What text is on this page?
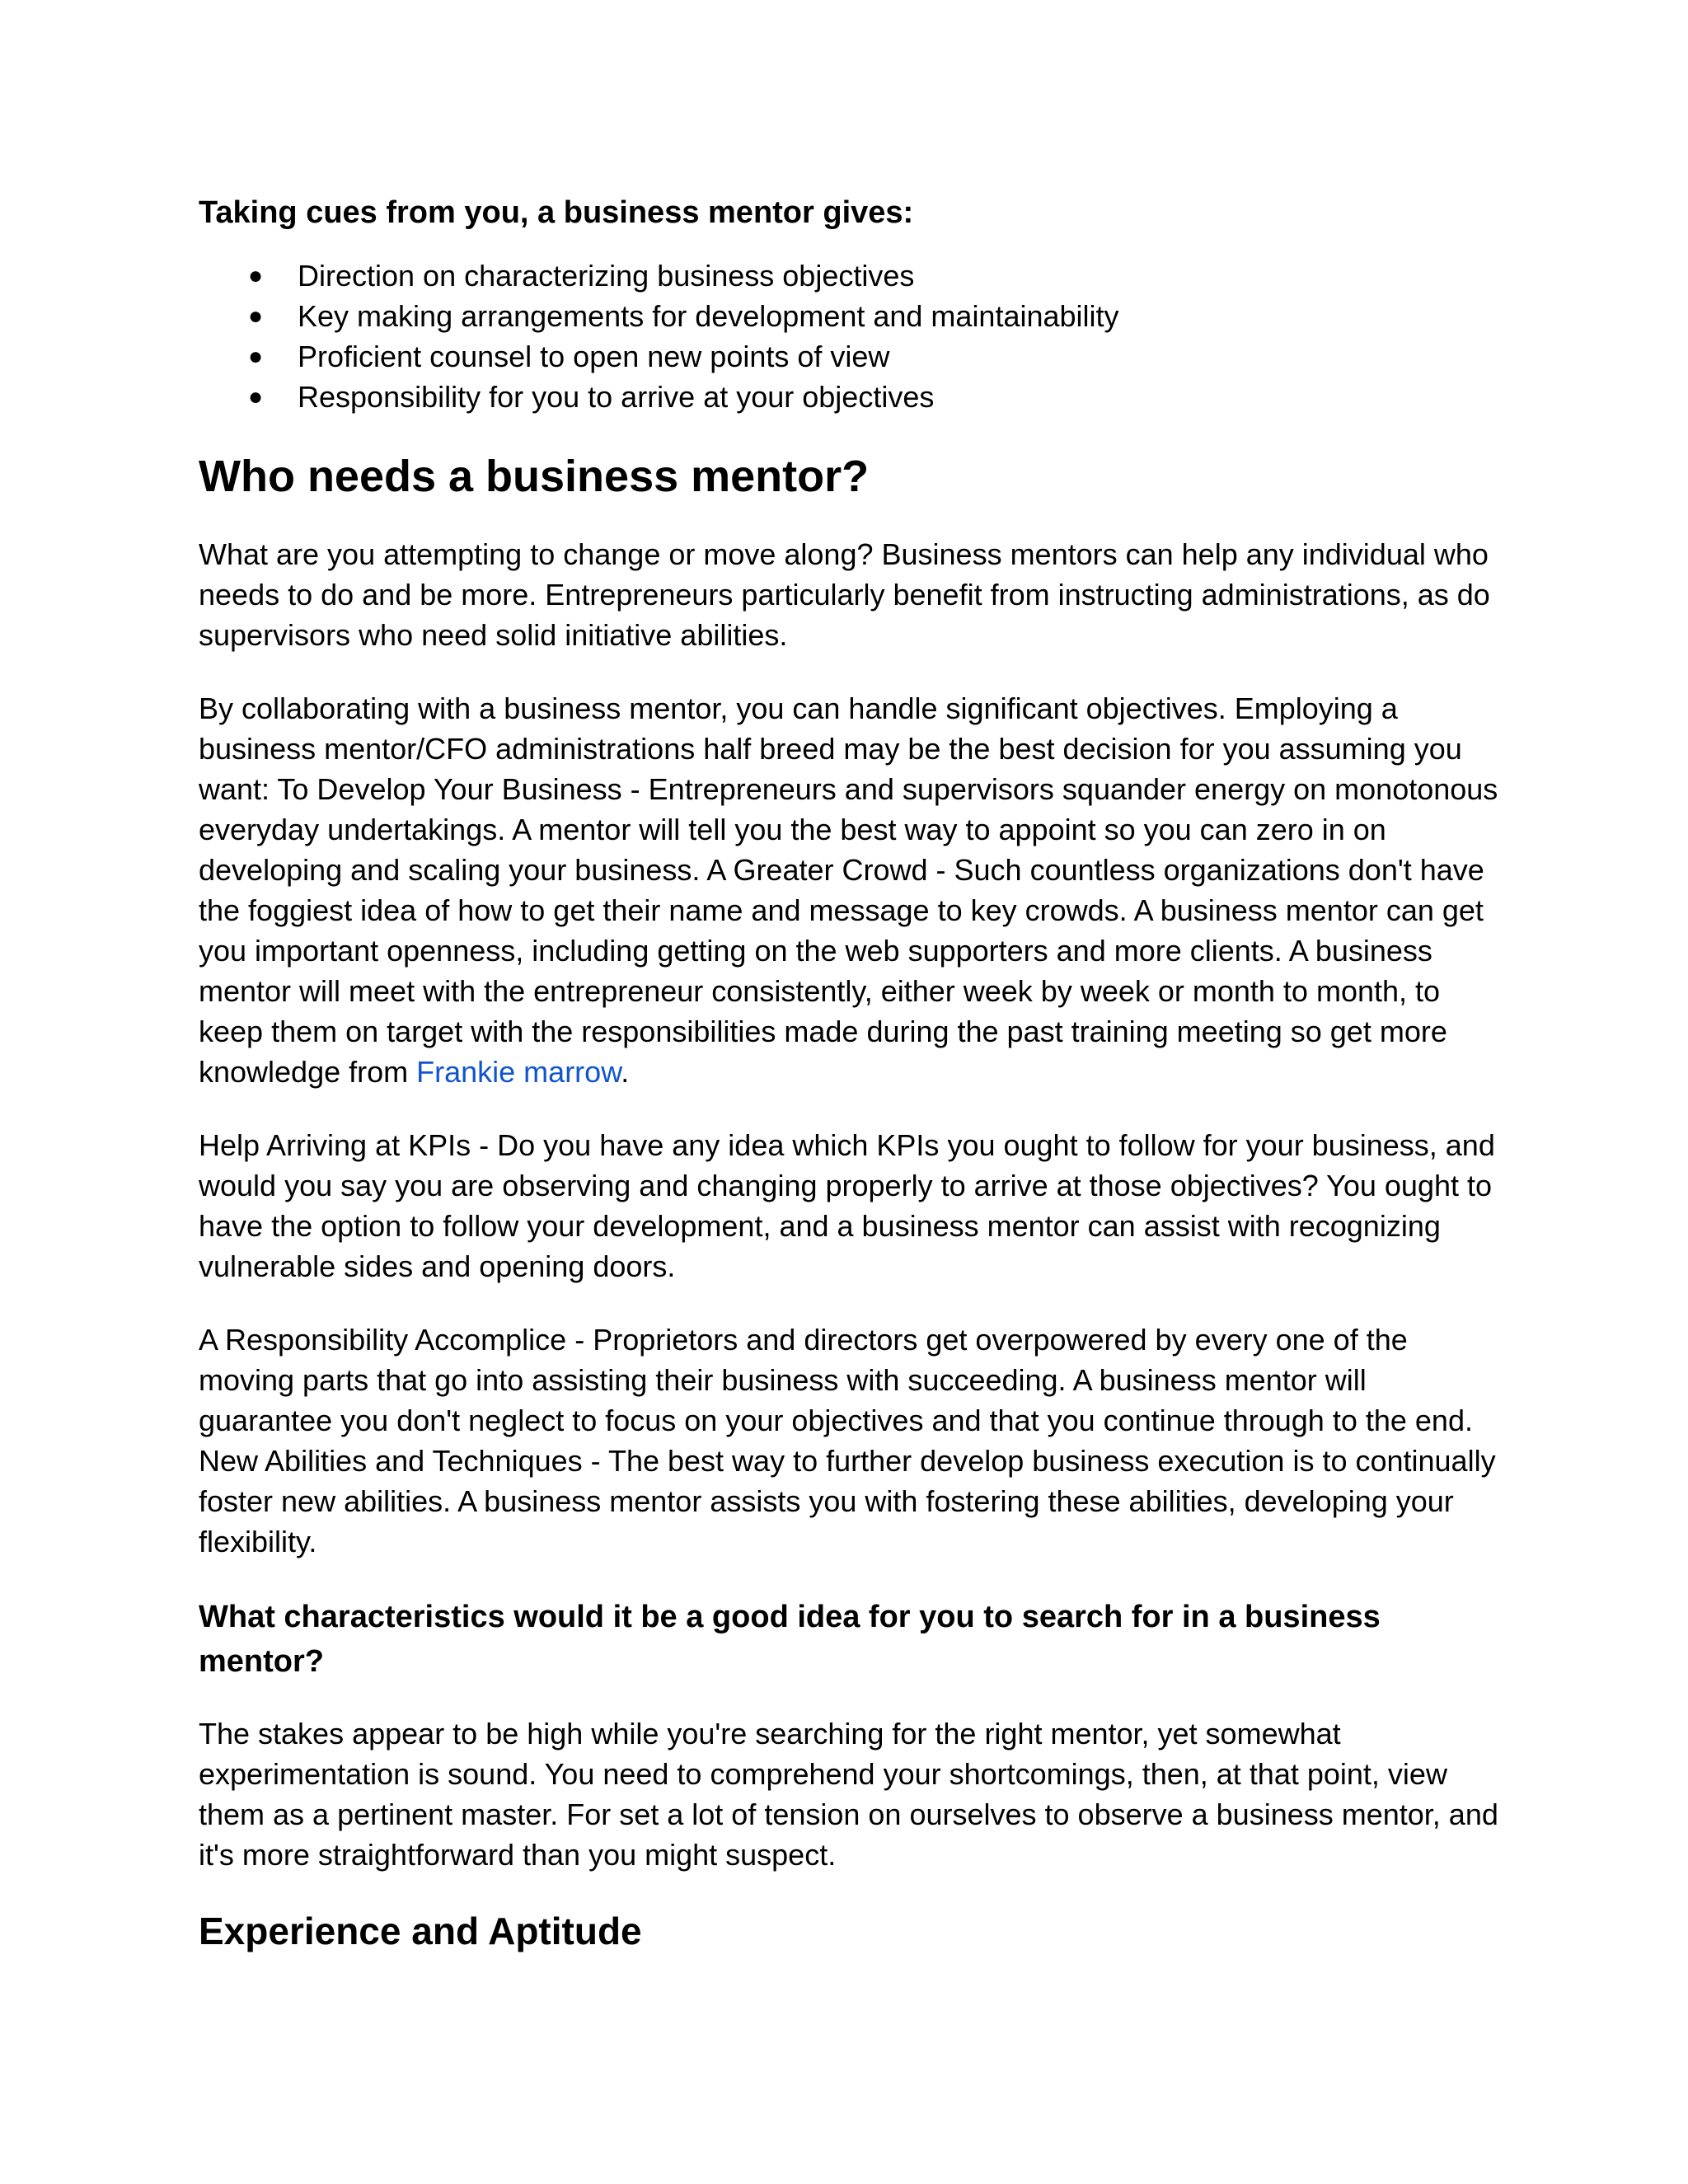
Taking cues from you, a business mentor gives:
● Direction on characterizing business objectives
● Key making arrangements for development and maintainability
● Proficient counsel to open new points of view
● Responsibility for you to arrive at your objectives
Who needs a business mentor?

What are you attempting to change or move along? Business mentors can help any individual who needs to do and be more. Entrepreneurs particularly benefit from instructing administrations, as do supervisors who need solid initiative abilities.

By collaborating with a business mentor, you can handle significant objectives. Employing a business mentor/CFO administrations half breed may be the best decision for you assuming you want: To Develop Your Business - Entrepreneurs and supervisors squander energy on monotonous everyday undertakings. A mentor will tell you the best way to appoint so you can zero in on developing and scaling your business. A Greater Crowd - Such countless organizations don't have the foggiest idea of how to get their name and message to key crowds. A business mentor can get you important openness, including getting on the web supporters and more clients. A business mentor will meet with the entrepreneur consistently, either week by week or month to month, to keep them on target with the responsibilities made during the past training meeting so get more knowledge from Frankie marrow.

Help Arriving at KPIs - Do you have any idea which KPIs you ought to follow for your business, and would you say you are observing and changing properly to arrive at those objectives? You ought to have the option to follow your development, and a business mentor can assist with recognizing vulnerable sides and opening doors.

A Responsibility Accomplice - Proprietors and directors get overpowered by every one of the moving parts that go into assisting their business with succeeding. A business mentor will guarantee you don't neglect to focus on your objectives and that you continue through to the end. New Abilities and Techniques - The best way to further develop business execution is to continually foster new abilities. A business mentor assists you with fostering these abilities, developing your flexibility.

What characteristics would it be a good idea for you to search for in a business mentor?

The stakes appear to be high while you're searching for the right mentor, yet somewhat experimentation is sound. You need to comprehend your shortcomings, then, at that point, view them as a pertinent master. For set a lot of tension on ourselves to observe a business mentor, and it's more straightforward than you might suspect.

Experience and Aptitude
